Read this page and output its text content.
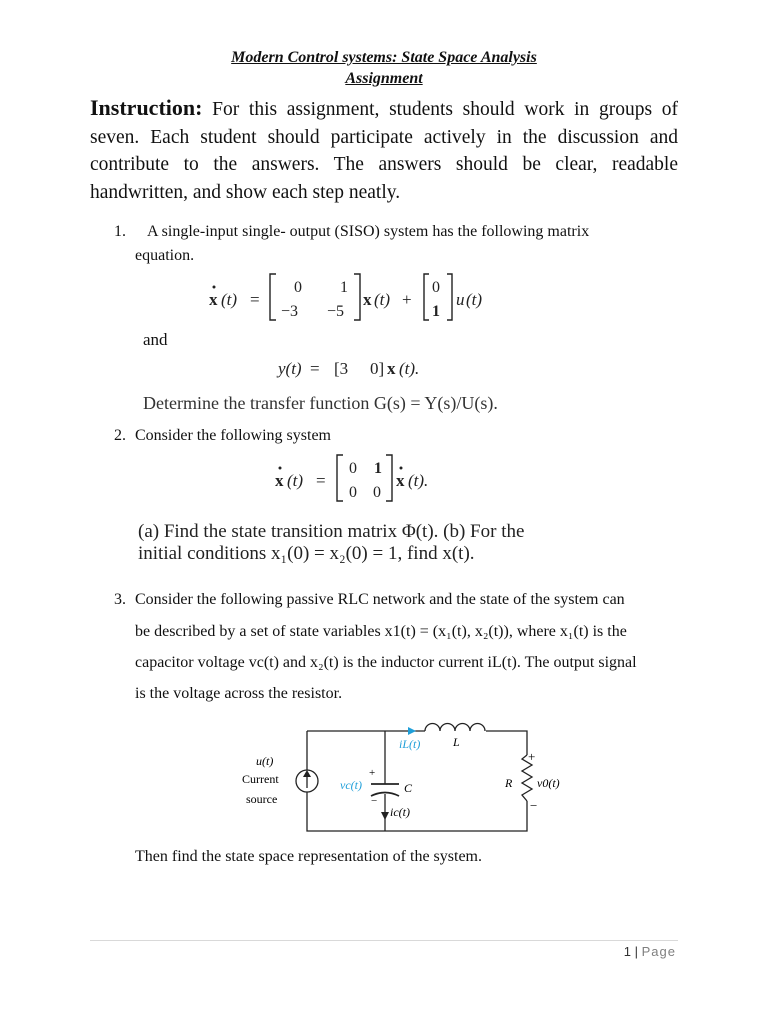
Modern Control systems: State Space Analysis
Assignment
Instruction: For this assignment, students should work in groups of seven. Each student should participate actively in the discussion and contribute to the answers. The answers should be clear, readable handwritten, and show each step neatly.
1.	A single-input single- output (SISO) system has the following matrix
equation.
x (t) =
0 1
−3 −5
x (t) +
0
1
u (t)
and
y(t) = [3 0] x (t).
Determine the transfer function G(s) = Y(s)/U(s).
2. Consider the following system
x (t) =
0 1
0 0
x (t).
(a) Find the state transition matrix Φ(t). (b) For the
initial conditions x₁(0) = x₂(0) = 1, find x(t).
3. Consider the following passive RLC network and the state of the system can
be described by a set of state variables x1(t) = (x₁(t), x₂(t)), where x₁(t) is the
capacitor voltage vc(t) and x₂(t) is the inductor current iL(t). The output signal
is the voltage across the resistor.
u(t)
Current
source
iL(t)	L
vc(t)	C
ic(t)
R v0(t)
+
−
+
−
Then find the state space representation of the system.
1 | Page
